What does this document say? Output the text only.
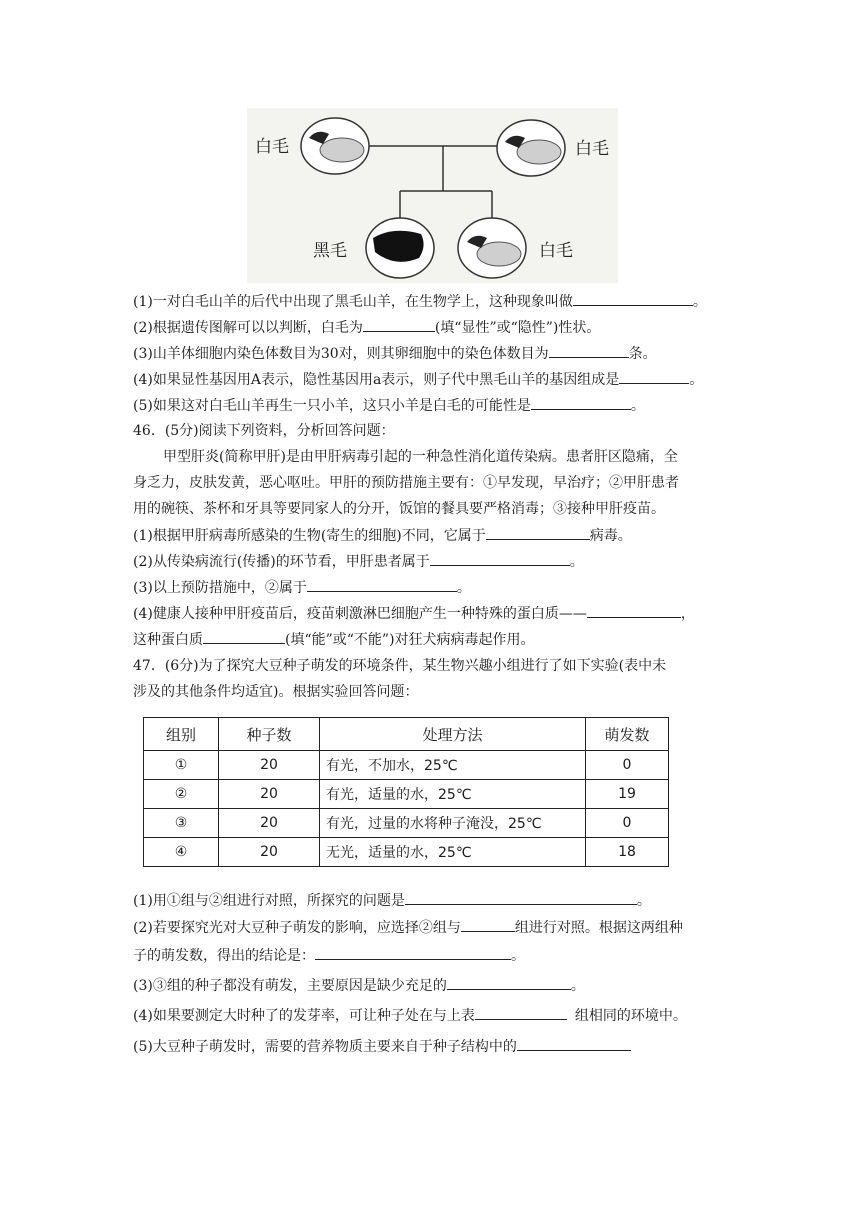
白毛	白毛
黑毛	白毛
(1)一对白毛山羊的后代中出现了黑毛山羊，在生物学上，这种现象叫做	。
(2)根据遗传图解可以以判断，白毛为	(填“显性”或“隐性”)性状。
(3)山羊体细胞内染色体数目为30对，则其卵细胞中的染色体数目为	条。
(4)如果显性基因用A表示，隐性基因用a表示，则子代中黑毛山羊的基因组成是	。
(5)如果这对白毛山羊再生一只小羊，这只小羊是白毛的可能性是	。
46．(5分)阅读下列资料，分析回答问题：
甲型肝炎(简称甲肝)是由甲肝病毒引起的一种急性消化道传染病。患者肝区隐痛，全
身乏力，皮肤发黄，恶心呕吐。甲肝的预防措施主要有：①早发现，早治疗；②甲肝患者
用的碗筷、茶杯和牙具等要同家人的分开，饭馆的餐具要严格消毒；③接种甲肝疫苗。
(1)根据甲肝病毒所感染的生物(寄生的细胞)不同，它属于	病毒。
(2)从传染病流行(传播)的环节看，甲肝患者属于	。
(3)以上预防措施中，②属于	。
(4)健康人接种甲肝疫苗后，疫苗刺激淋巴细胞产生一种特殊的蛋白质——	，
这种蛋白质	(填“能”或“不能”)对狂犬病病毒起作用。
47．(6分)为了探究大豆种子萌发的环境条件，某生物兴趣小组进行了如下实验(表中未
涉及的其他条件均适宜)。根据实验回答问题：
组别	种子数	处理方法	萌发数
①	20	有光，不加水，25℃	0
②	20	有光，适量的水，25℃	19
③	20	有光，过量的水将种子淹没，25℃	0
④	20	无光，适量的水，25℃	18
(1)用①组与②组进行对照，所探究的问题是	。
(2)若要探究光对大豆种子萌发的影响，应选择②组与	组进行对照。根据这两组种
子的萌发数，得出的结论是：	。
(3)③组的种子都没有萌发，主要原因是缺少充足的	。
(4)如果要测定大时种了的发芽率，可让种子处在与上表	组相同的环境中。
(5)大豆种子萌发时，需要的营养物质主要来自于种子结构中的
